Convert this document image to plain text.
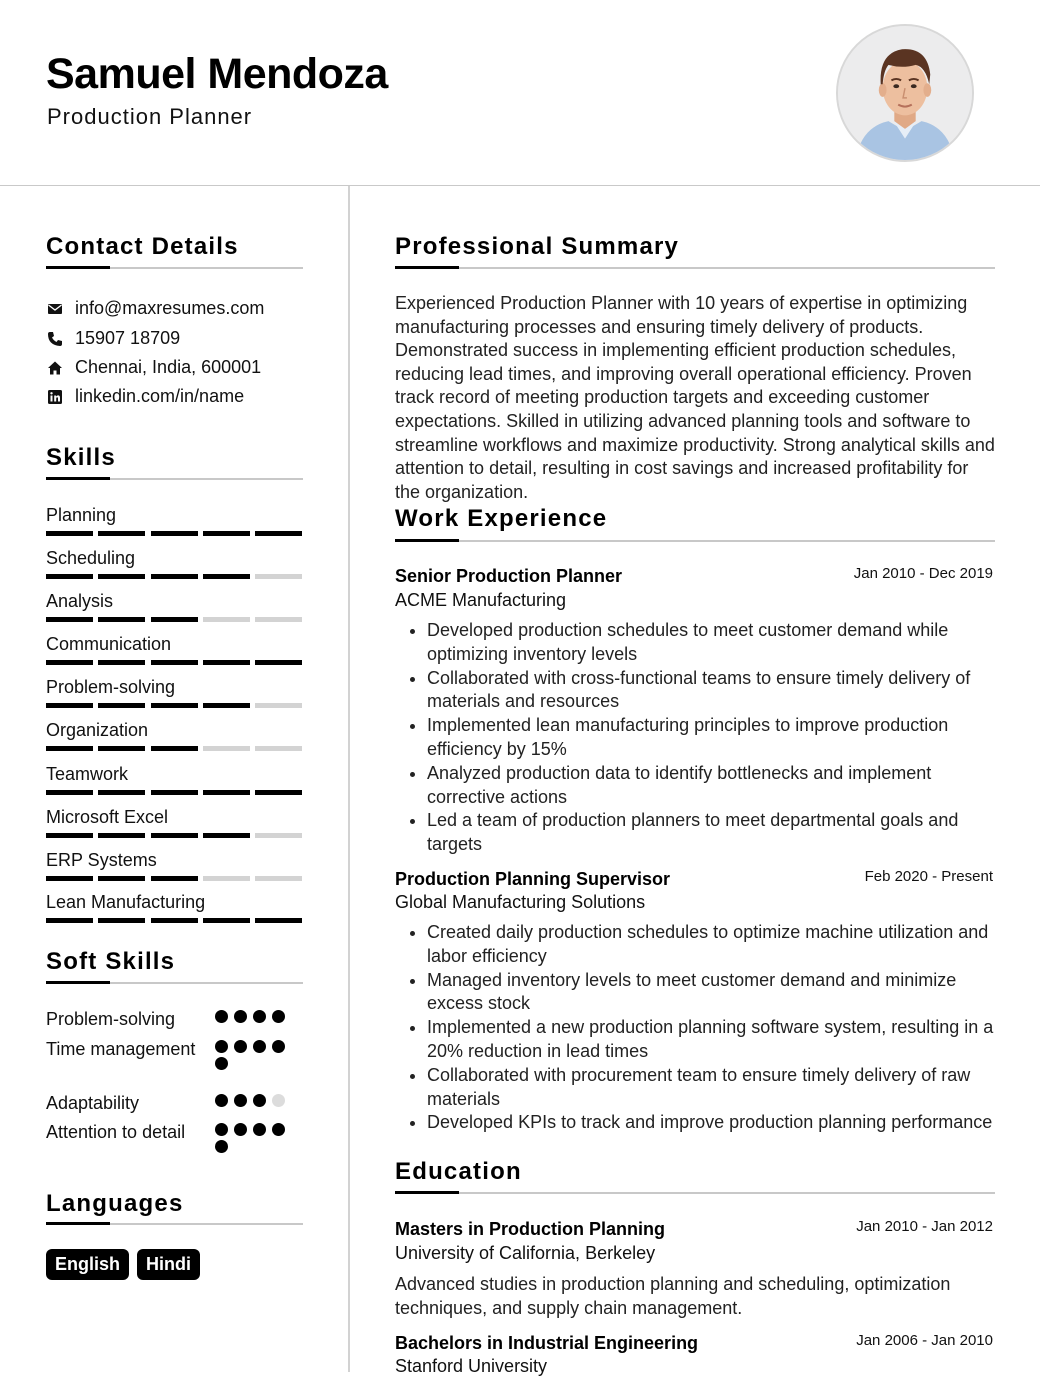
Samuel Mendoza
Production Planner
Contact Details
info@maxresumes.com
15907 18709
Chennai, India, 600001
linkedin.com/in/name
Skills
Planning
Scheduling
Analysis
Communication
Problem-solving
Organization
Teamwork
Microsoft Excel
ERP Systems
Lean Manufacturing
Soft Skills
Problem-solving
Time management
Adaptability
Attention to detail
Languages
English	Hindi
Professional Summary
Experienced Production Planner with 10 years of expertise in optimizing manufacturing processes and ensuring timely delivery of products. Demonstrated success in implementing efficient production schedules, reducing lead times, and improving overall operational efficiency. Proven track record of meeting production targets and exceeding customer expectations. Skilled in utilizing advanced planning tools and software to streamline workflows and maximize productivity. Strong analytical skills and attention to detail, resulting in cost savings and increased profitability for the organization.
Work Experience
Senior Production Planner	Jan 2010 - Dec 2019
ACME Manufacturing
• Developed production schedules to meet customer demand while optimizing inventory levels
• Collaborated with cross-functional teams to ensure timely delivery of materials and resources
• Implemented lean manufacturing principles to improve production efficiency by 15%
• Analyzed production data to identify bottlenecks and implement corrective actions
• Led a team of production planners to meet departmental goals and targets
Production Planning Supervisor	Feb 2020 - Present
Global Manufacturing Solutions
• Created daily production schedules to optimize machine utilization and labor efficiency
• Managed inventory levels to meet customer demand and minimize excess stock
• Implemented a new production planning software system, resulting in a 20% reduction in lead times
• Collaborated with procurement team to ensure timely delivery of raw materials
• Developed KPIs to track and improve production planning performance
Education
Masters in Production Planning	Jan 2010 - Jan 2012
University of California, Berkeley
Advanced studies in production planning and scheduling, optimization techniques, and supply chain management.
Bachelors in Industrial Engineering	Jan 2006 - Jan 2010
Stanford University
